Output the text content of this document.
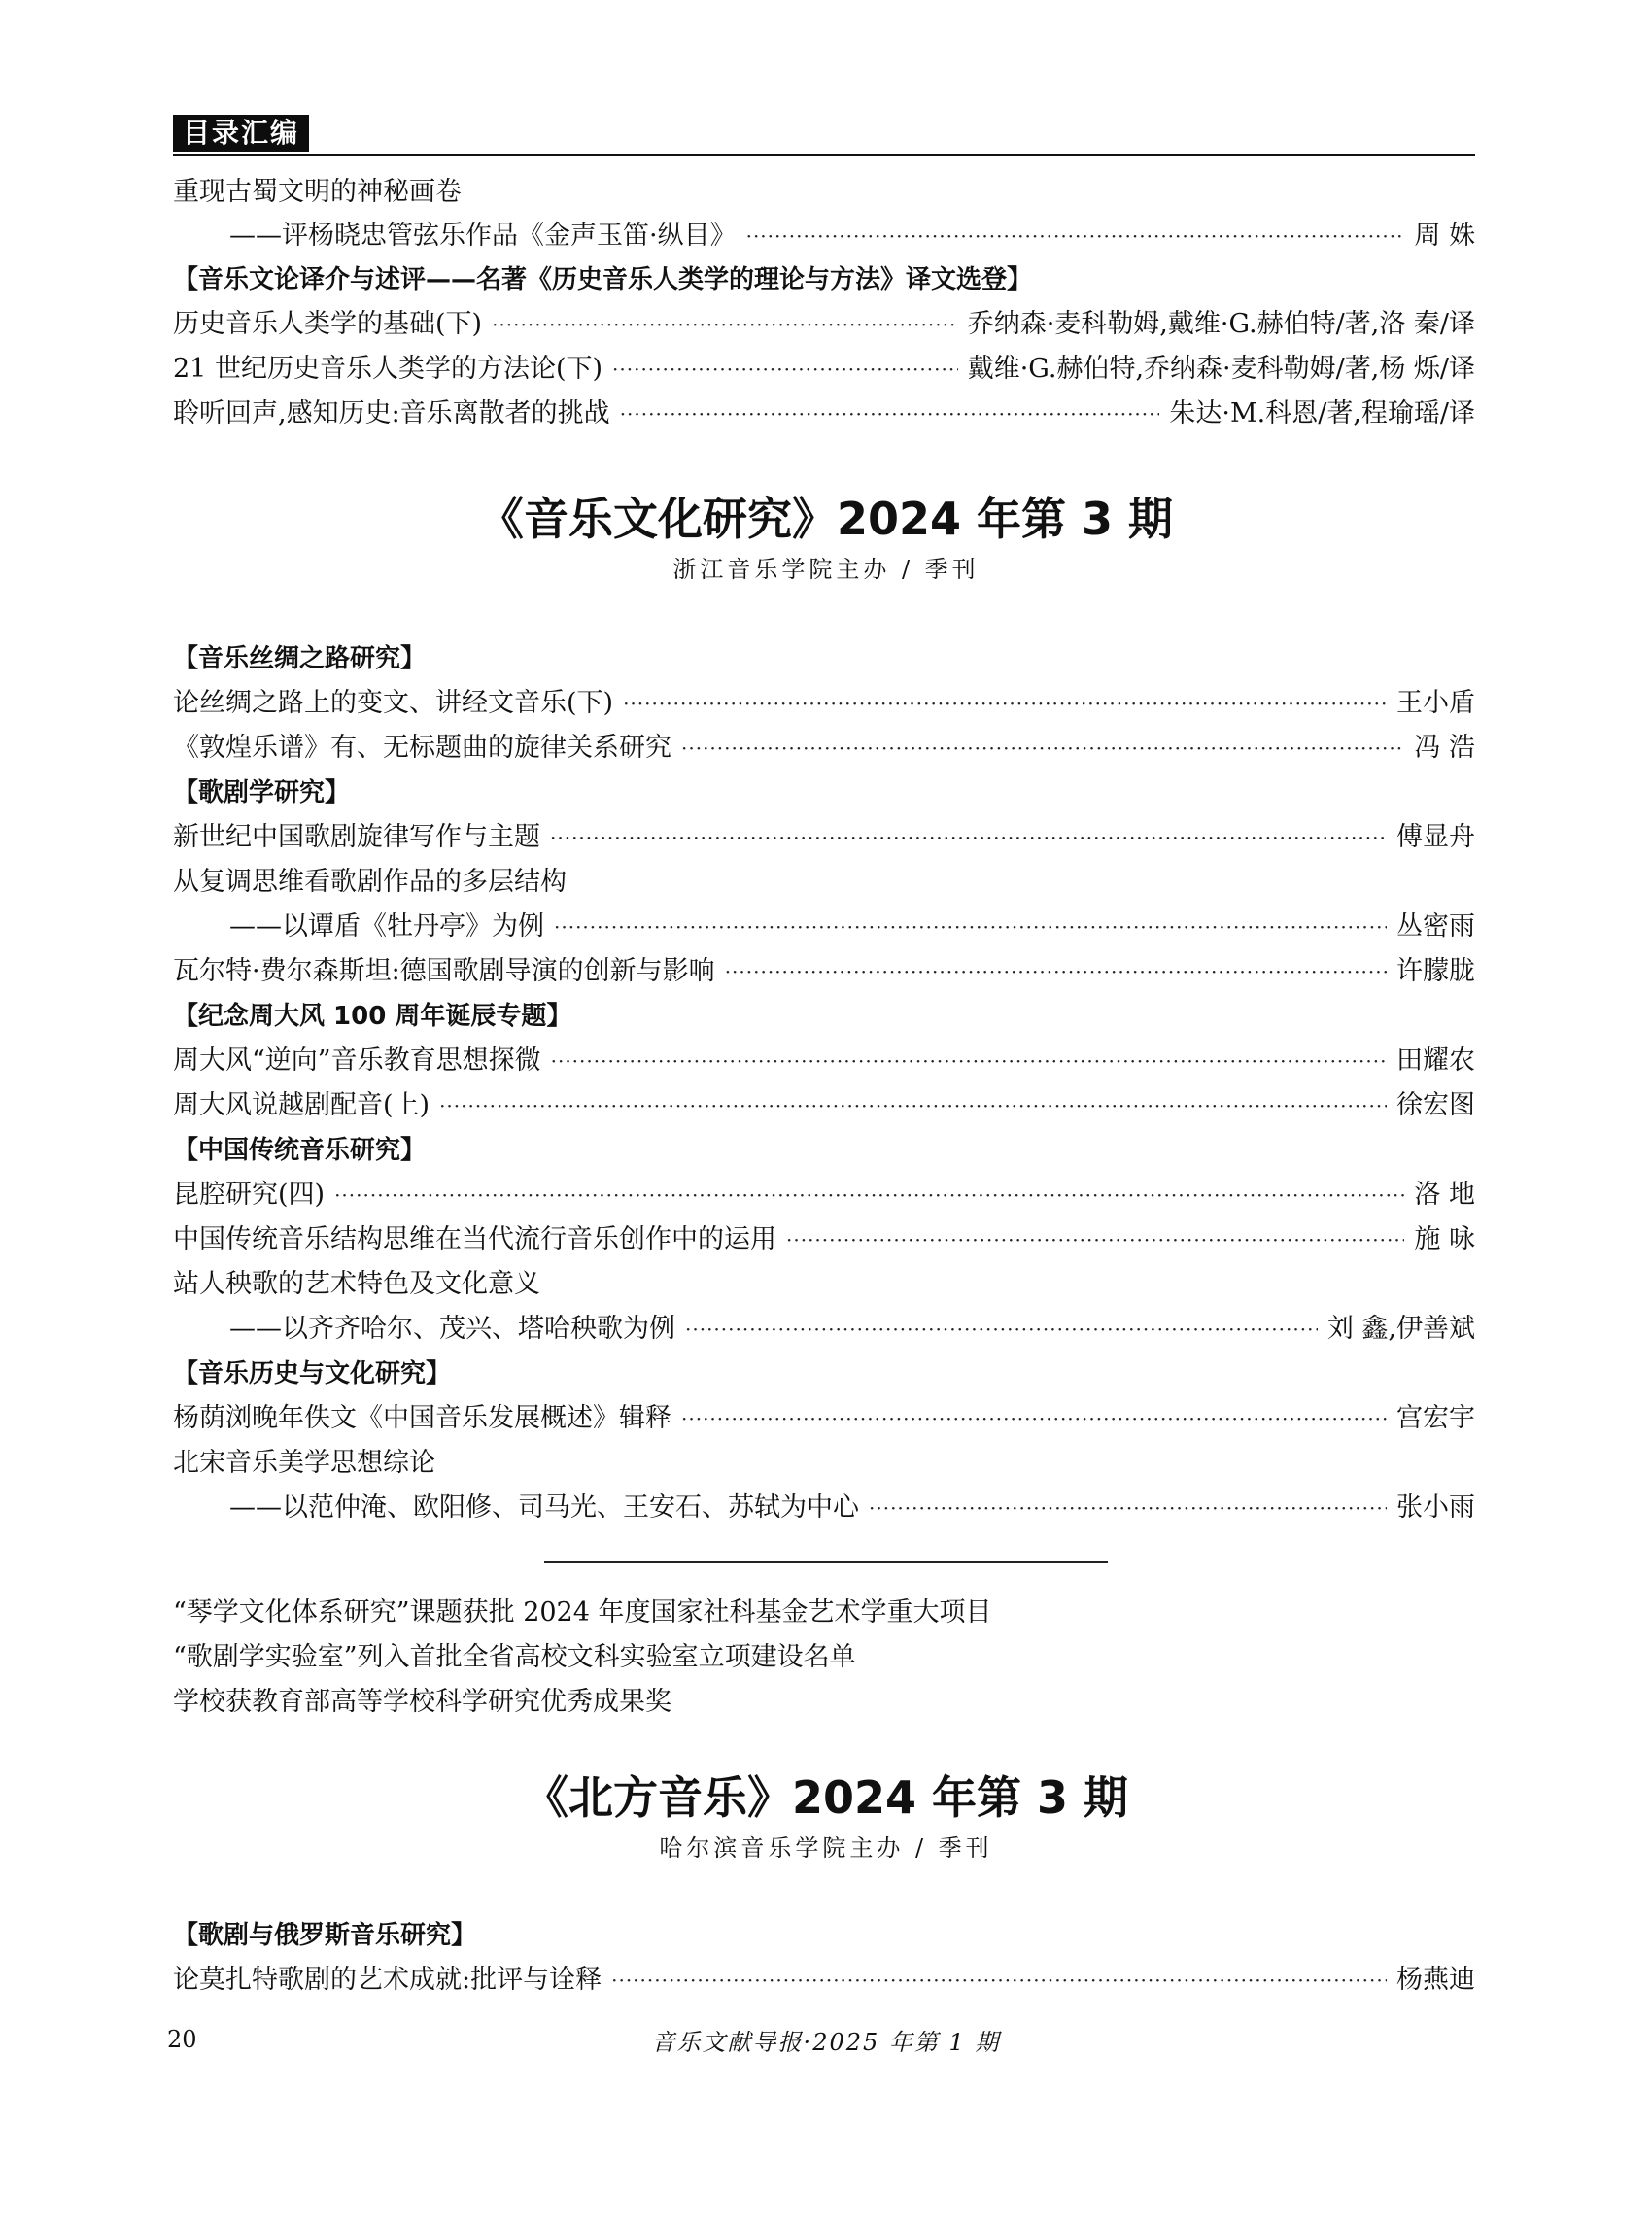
目录汇编
重现古蜀文明的神秘画卷
——评杨晓忠管弦乐作品《金声玉笛·纵目》 ·····	周 姝
【音乐文论译介与述评——名著《历史音乐人类学的理论与方法》译文选登】
历史音乐人类学的基础(下) ·····	乔纳森·麦科勒姆,戴维·G.赫伯特/著,洛 秦/译
21 世纪历史音乐人类学的方法论(下) ·····	戴维·G.赫伯特,乔纳森·麦科勒姆/著,杨 烁/译
聆听回声,感知历史:音乐离散者的挑战 ·····	朱达·M.科恩/著,程瑜瑶/译
《音乐文化研究》2024 年第 3 期
浙江音乐学院主办 / 季刊
【音乐丝绸之路研究】
论丝绸之路上的变文、讲经文音乐(下) ·····	王小盾
《敦煌乐谱》有、无标题曲的旋律关系研究 ·····	冯 浩
【歌剧学研究】
新世纪中国歌剧旋律写作与主题 ·····	傅显舟
从复调思维看歌剧作品的多层结构
——以谭盾《牡丹亭》为例 ·····	丛密雨
瓦尔特·费尔森斯坦:德国歌剧导演的创新与影响 ·····	许朦胧
【纪念周大风 100 周年诞辰专题】
周大风“逆向”音乐教育思想探微 ·····	田耀农
周大风说越剧配音(上) ·····	徐宏图
【中国传统音乐研究】
昆腔研究(四) ·····	洛 地
中国传统音乐结构思维在当代流行音乐创作中的运用 ·····	施 咏
站人秧歌的艺术特色及文化意义
——以齐齐哈尔、茂兴、塔哈秧歌为例 ·····	刘 鑫,伊善斌
【音乐历史与文化研究】
杨荫浏晚年佚文《中国音乐发展概述》辑释 ·····	宫宏宇
北宋音乐美学思想综论
——以范仲淹、欧阳修、司马光、王安石、苏轼为中心 ·····	张小雨
“琴学文化体系研究”课题获批 2024 年度国家社科基金艺术学重大项目
“歌剧学实验室”列入首批全省高校文科实验室立项建设名单
学校获教育部高等学校科学研究优秀成果奖
《北方音乐》2024 年第 3 期
哈尔滨音乐学院主办 / 季刊
【歌剧与俄罗斯音乐研究】
论莫扎特歌剧的艺术成就:批评与诠释 ·····	杨燕迪
20	音乐文献导报·2025 年第 1 期
